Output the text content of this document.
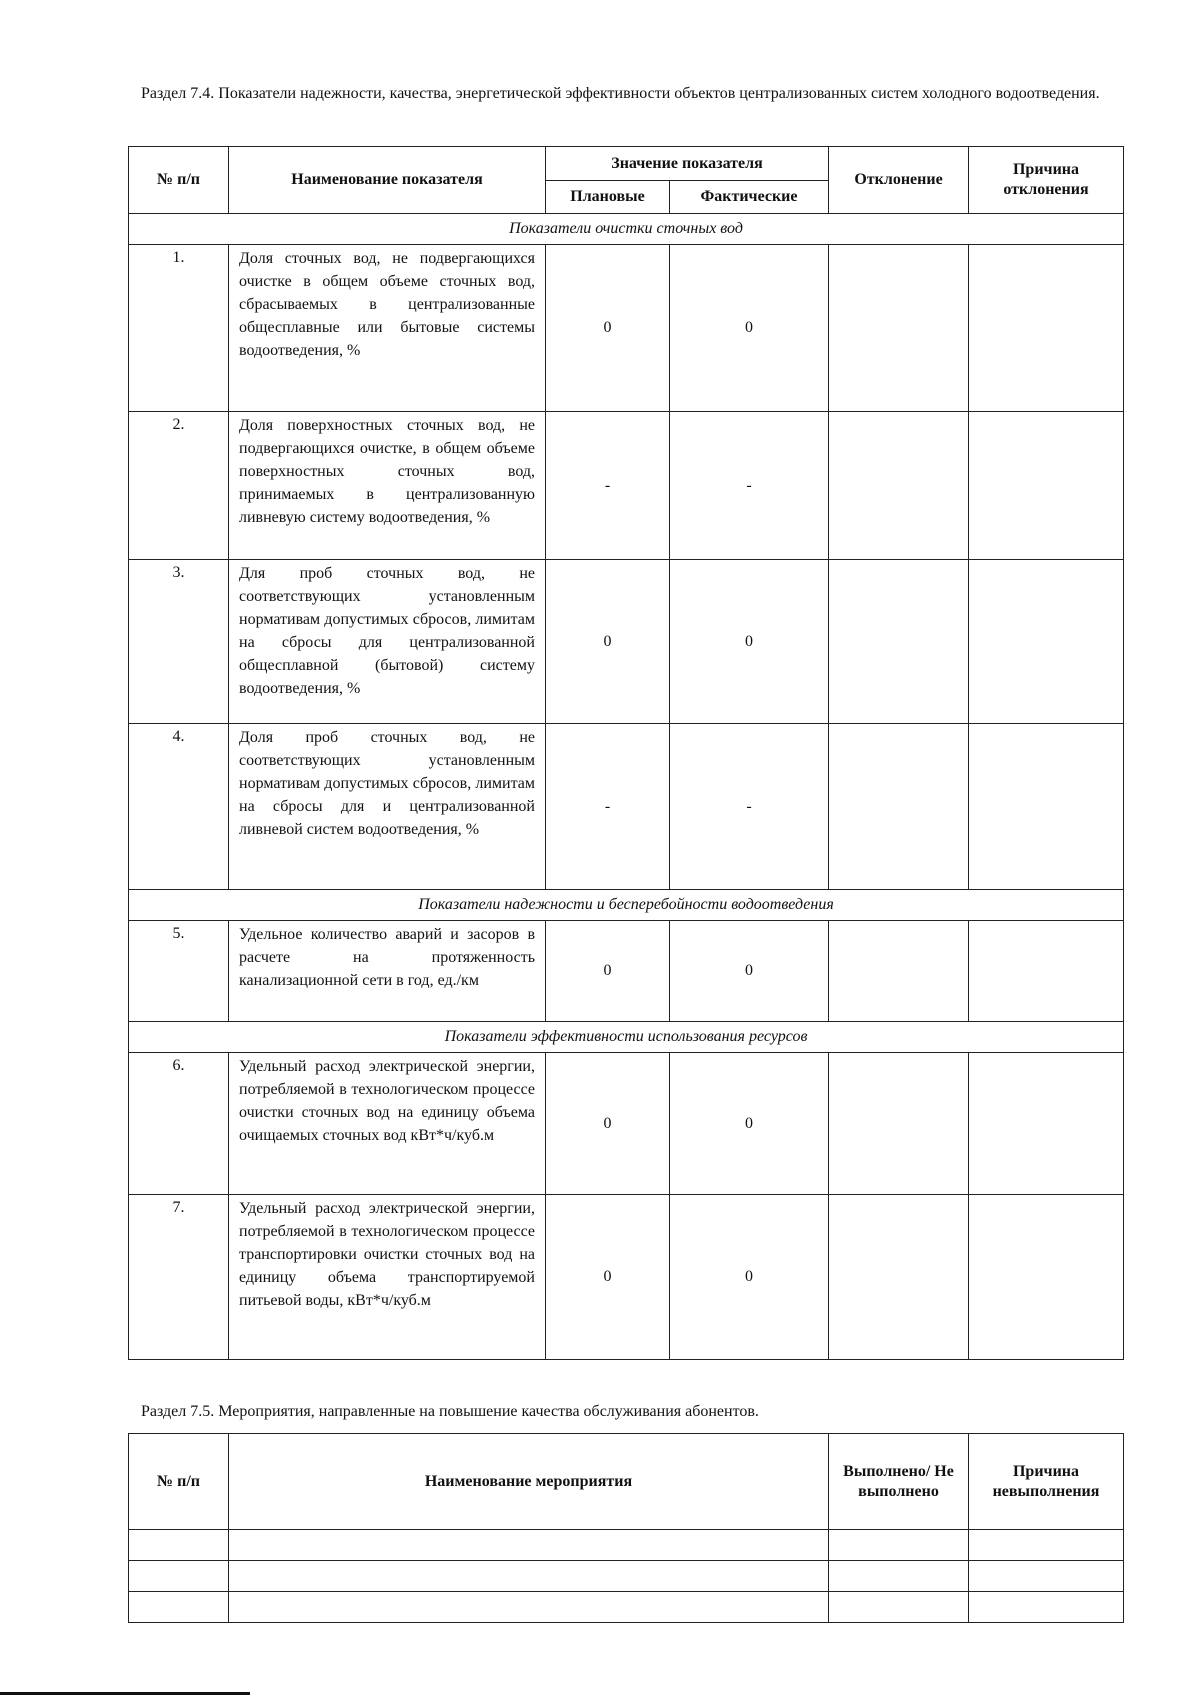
Раздел 7.4. Показатели надежности, качества, энергетической эффективности объектов централизованных систем холодного водоотведения.
№ п/п	Наименование показателя	Значение показателя		Отклонение	Причина отклонения
		Плановые	Фактические		
Показатели очистки сточных вод					
1.	Доля сточных вод, не подвергающихся очистке в общем объеме сточных вод, сбрасываемых в централизованные общесплавные или бытовые системы водоотведения, %	0	0		
2.	Доля поверхностных сточных вод, не подвергающихся очистке, в общем объеме поверхностных сточных вод, принимаемых в централизованную ливневую систему водоотведения, %	-	-		
3.	Для проб сточных вод, не соответствующих установленным нормативам допустимых сбросов, лимитам на сбросы для централизованной общесплавной (бытовой) систему водоотведения, %	0	0		
4.	Доля проб сточных вод, не соответствующих установленным нормативам допустимых сбросов, лимитам на сбросы для и централизованной ливневой систем водоотведения, %	-	-		
Показатели надежности и бесперебойности водоотведения					
5.	Удельное количество аварий и засоров в расчете на протяженность канализационной сети в год, ед./км	0	0		
Показатели эффективности использования ресурсов					
6.	Удельный расход электрической энергии, потребляемой в технологическом процессе очистки сточных вод на единицу объема очищаемых сточных вод кВт*ч/куб.м	0	0		
7.	Удельный расход электрической энергии, потребляемой в технологическом процессе транспортировки очистки сточных вод на единицу объема транспортируемой питьевой воды, кВт*ч/куб.м	0	0		
Раздел 7.5. Мероприятия, направленные на повышение качества обслуживания абонентов.
№ п/п	Наименование мероприятия	Выполнено/ Не выполнено	Причина невыполнения
